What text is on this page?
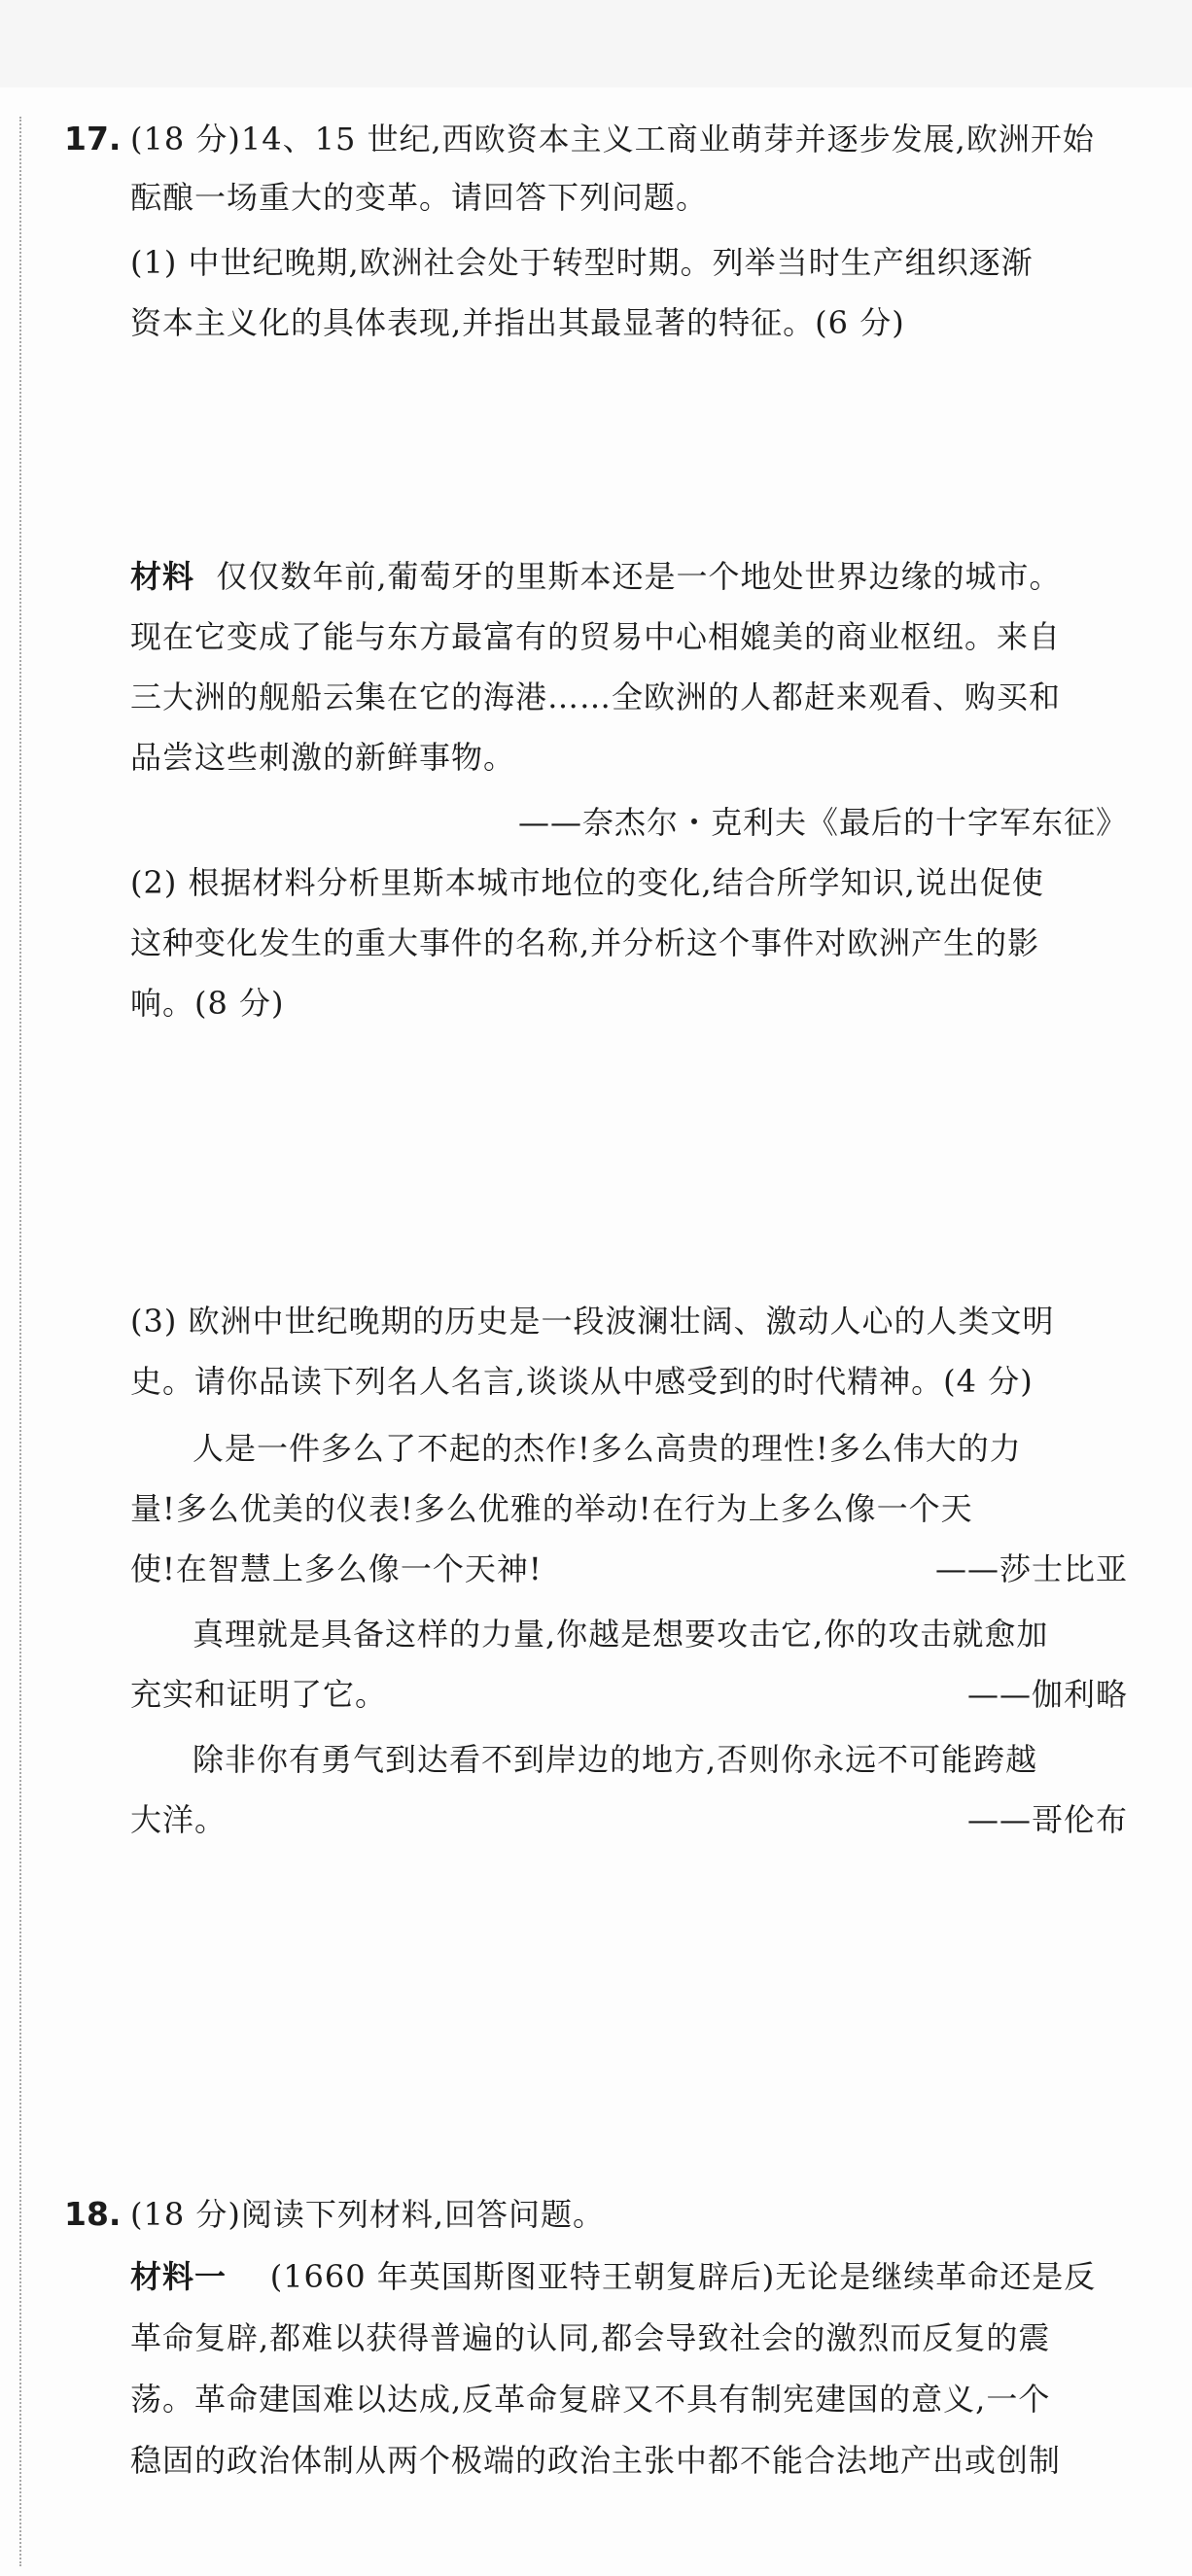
17. (18 分)14、15 世纪,西欧资本主义工商业萌芽并逐步发展,欧洲开始
酝酿一场重大的变革。请回答下列问题。
(1) 中世纪晚期,欧洲社会处于转型时期。列举当时生产组织逐渐
资本主义化的具体表现,并指出其最显著的特征。(6 分)
材料 仅仅数年前,葡萄牙的里斯本还是一个地处世界边缘的城市。
现在它变成了能与东方最富有的贸易中心相媲美的商业枢纽。来自
三大洲的舰船云集在它的海港……全欧洲的人都赶来观看、购买和
品尝这些刺激的新鲜事物。
——奈杰尔・克利夫《最后的十字军东征》
(2) 根据材料分析里斯本城市地位的变化,结合所学知识,说出促使
这种变化发生的重大事件的名称,并分析这个事件对欧洲产生的影
响。(8 分)
(3) 欧洲中世纪晚期的历史是一段波澜壮阔、激动人心的人类文明
史。请你品读下列名人名言,谈谈从中感受到的时代精神。(4 分)
人是一件多么了不起的杰作!多么高贵的理性!多么伟大的力
量!多么优美的仪表!多么优雅的举动!在行为上多么像一个天
使!在智慧上多么像一个天神!	——莎士比亚
真理就是具备这样的力量,你越是想要攻击它,你的攻击就愈加
充实和证明了它。	——伽利略
除非你有勇气到达看不到岸边的地方,否则你永远不可能跨越
大洋。	——哥伦布
18. (18 分)阅读下列材料,回答问题。
材料一 (1660 年英国斯图亚特王朝复辟后)无论是继续革命还是反
革命复辟,都难以获得普遍的认同,都会导致社会的激烈而反复的震
荡。革命建国难以达成,反革命复辟又不具有制宪建国的意义,一个
稳固的政治体制从两个极端的政治主张中都不能合法地产出或创制
